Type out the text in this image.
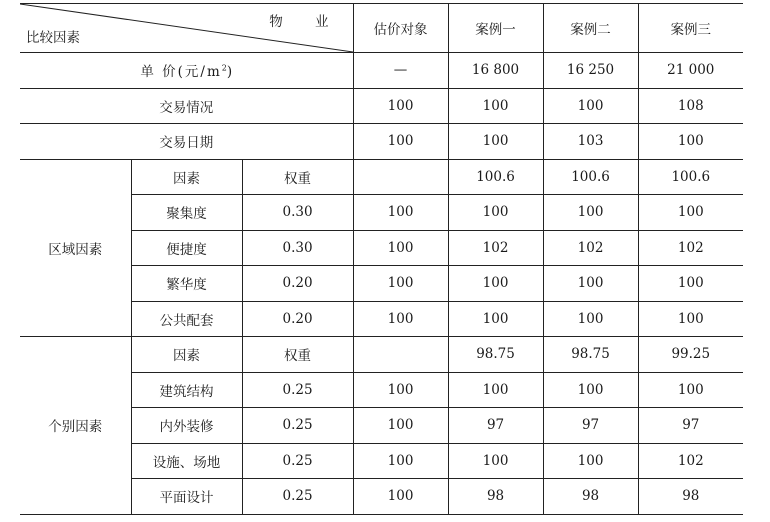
物 业
比较因素			估价对象	案例一	案例二	案例三
单 价(元$/m^2$)			—	16 800	16 250	21 000
交易情况			100	100	100	108
交易日期			100	100	103	100
区域因素	因素	权重		100.6	100.6	100.6
	聚集度	0.30	100	100	100	100
	便捷度	0.30	100	102	102	102
	繁华度	0.20	100	100	100	100
	公共配套	0.20	100	100	100	100
个别因素	因素	权重		98.75	98.75	99.25
	建筑结构	0.25	100	100	100	100
	内外装修	0.25	100	97	97	97
	设施、场地	0.25	100	100	100	102
	平面设计	0.25	100	98	98	98
